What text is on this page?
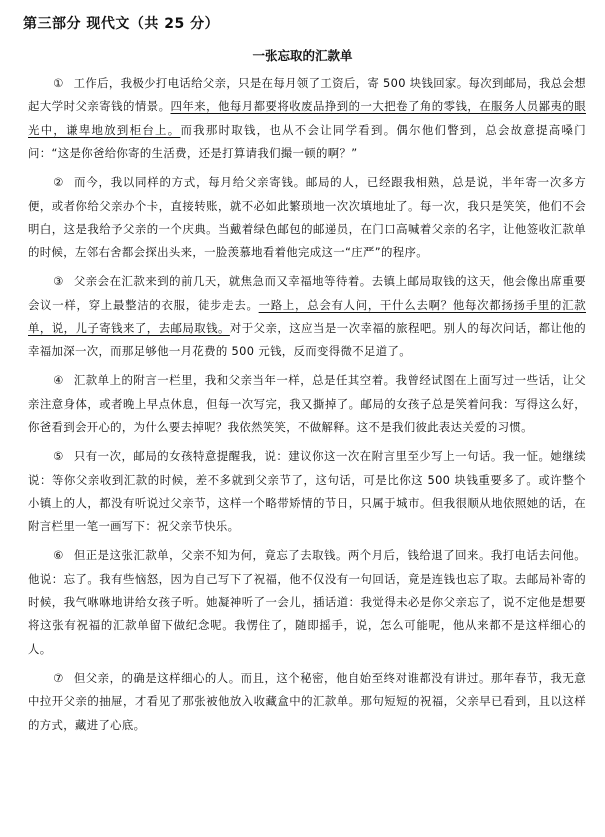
第三部分 现代文（共 25 分）
一张忘取的汇款单

① 工作后，我极少打电话给父亲，只是在每月领了工资后，寄 500 块钱回家。每次到邮局，我总会想起大学时父亲寄钱的情景。四年来，他每月都要将收废品挣到的一大把卷了角的零钱，在服务人员鄙夷的眼光中，谦卑地放到柜台上。而我那时取钱，也从不会让同学看到。偶尔他们瞥到，总会故意提高嗓门问：“这是你爸给你寄的生活费，还是打算请我们撮一顿的啊？”

② 而今，我以同样的方式，每月给父亲寄钱。邮局的人，已经跟我相熟，总是说，半年寄一次多方便，或者你给父亲办个卡，直接转账，就不必如此繁琐地一次次填地址了。每一次，我只是笑笑，他们不会明白，这是我给予父亲的一个庆典。当戴着绿色邮包的邮递员，在门口高喊着父亲的名字，让他签收汇款单的时候，左邻右舍都会探出头来，一脸羡慕地看着他完成这一“庄严”的程序。

③ 父亲会在汇款来到的前几天，就焦急而又幸福地等待着。去镇上邮局取钱的这天，他会像出席重要会议一样，穿上最整洁的衣服，徒步走去。一路上，总会有人问，干什么去啊？他每次都扬扬手里的汇款单，说，儿子寄钱来了，去邮局取钱。对于父亲，这应当是一次幸福的旅程吧。别人的每次问话，都让他的幸福加深一次，而那足够他一月花费的 500 元钱，反而变得微不足道了。

④ 汇款单上的附言一栏里，我和父亲当年一样，总是任其空着。我曾经试图在上面写过一些话，让父亲注意身体，或者晚上早点休息，但每一次写完，我又撕掉了。邮局的女孩子总是笑着问我：写得这么好，你爸看到会开心的，为什么要去掉呢？我依然笑笑，不做解释。这不是我们彼此表达关爱的习惯。

⑤ 只有一次，邮局的女孩特意提醒我，说：建议你这一次在附言里至少写上一句话。我一怔。她继续说：等你父亲收到汇款的时候，差不多就到父亲节了，这句话，可是比你这 500 块钱重要多了。或许整个小镇上的人，都没有听说过父亲节，这样一个略带矫情的节日，只属于城市。但我很顺从地依照她的话，在附言栏里一笔一画写下：祝父亲节快乐。

⑥ 但正是这张汇款单，父亲不知为何，竟忘了去取钱。两个月后，钱给退了回来。我打电话去问他。他说：忘了。我有些恼怒，因为自己写下了祝福，他不仅没有一句回话，竟是连钱也忘了取。去邮局补寄的时候，我气咻咻地讲给女孩子听。她凝神听了一会儿，插话道：我觉得未必是你父亲忘了，说不定他是想要将这张有祝福的汇款单留下做纪念呢。我愣住了，随即摇手，说，怎么可能呢，他从来都不是这样细心的人。

⑦ 但父亲，的确是这样细心的人。而且，这个秘密，他自始至终对谁都没有讲过。那年春节，我无意中拉开父亲的抽屉，才看见了那张被他放入收藏盒中的汇款单。那句短短的祝福，父亲早已看到，且以这样的方式，藏进了心底。
